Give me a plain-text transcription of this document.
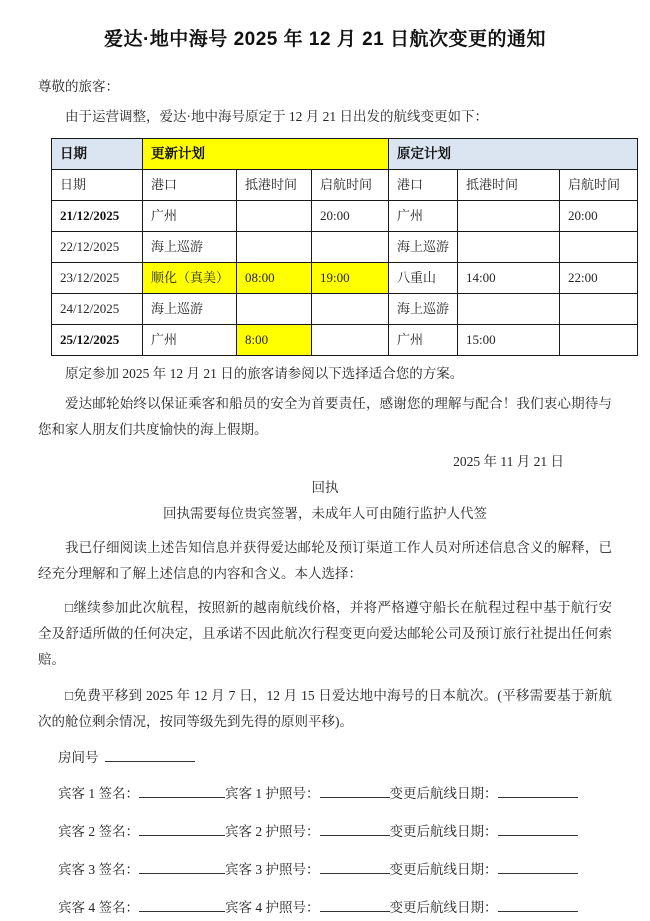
爱达·地中海号 2025 年 12 月 21 日航次变更的通知

尊敬的旅客：

由于运营调整，爱达·地中海号原定于 12 月 21 日出发的航线变更如下：

日期	更新计划			原定计划		
日期	港口	抵港时间	启航时间	港口	抵港时间	启航时间
21/12/2025	广州		20:00	广州		20:00
22/12/2025	海上巡游			海上巡游		
23/12/2025	顺化（真美）	08:00	19:00	八重山	14:00	22:00
24/12/2025	海上巡游			海上巡游		
25/12/2025	广州	8:00		广州	15:00	

原定参加 2025 年 12 月 21 日的旅客请参阅以下选择适合您的方案。

爱达邮轮始终以保证乘客和船员的安全为首要责任，感谢您的理解与配合！我们衷心期待与您和家人朋友们共度愉快的海上假期。

2025 年 11 月 21 日

回执

回执需要每位贵宾签署，未成年人可由随行监护人代签

我已仔细阅读上述告知信息并获得爱达邮轮及预订渠道工作人员对所述信息含义的解释，已经充分理解和了解上述信息的内容和含义。本人选择：

□继续参加此次航程，按照新的越南航线价格，并将严格遵守船长在航程过程中基于航行安全及舒适所做的任何决定，且承诺不因此航次行程变更向爱达邮轮公司及预订旅行社提出任何索赔。

□免费平移到 2025 年 12 月 7 日，12 月 15 日爱达地中海号的日本航次。(平移需要基于新航次的舱位剩余情况，按同等级先到先得的原则平移)。

房间号

宾客 1 签名：	宾客 1 护照号：	变更后航线日期：

宾客 2 签名：	宾客 2 护照号：	变更后航线日期：

宾客 3 签名：	宾客 3 护照号：	变更后航线日期：

宾客 4 签名：	宾客 4 护照号：	变更后航线日期：
